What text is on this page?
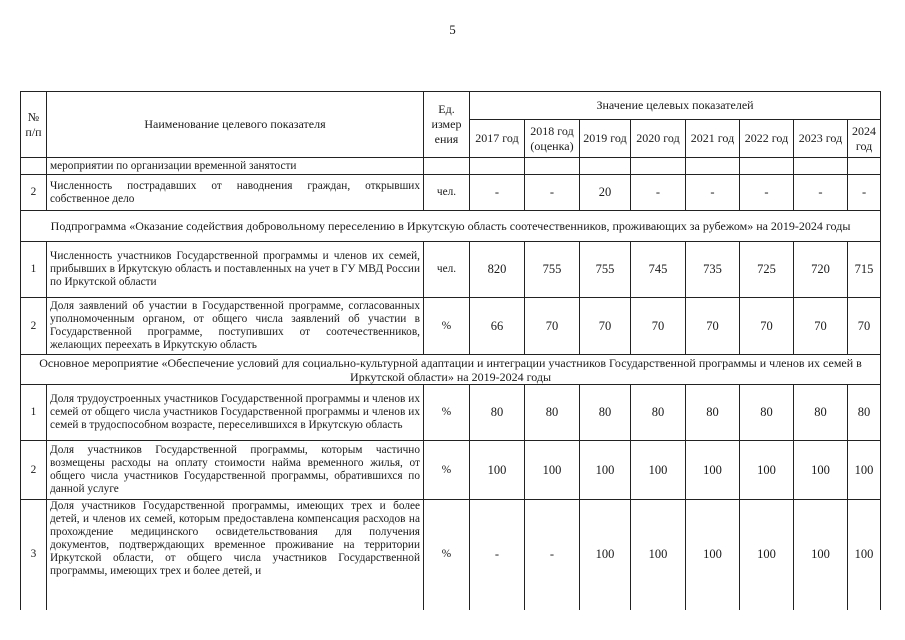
5
№ п/п	Наименование целевого показателя	Ед. измер ения	Значение целевых показателей							
			2017 год	2018 год (оценка)	2019 год	2020 год	2021 год	2022 год	2023 год	2024 год
	мероприятии по организации временной занятости									
2	Численность пострадавших от наводнения граждан, открывших собственное дело	чел.	-	-	20	-	-	-	-	-
Подпрограмма «Оказание содействия добровольному переселению в Иркутскую область соотечественников, проживающих за рубежом» на 2019-2024 годы										
1	Численность участников Государственной программы и членов их семей, прибывших в Иркутскую область и поставленных на учет в ГУ МВД России по Иркутской области	чел.	820	755	755	745	735	725	720	715
2	Доля заявлений об участии в Государственной программе, согласованных уполномоченным органом, от общего числа заявлений об участии в Государственной программе, поступивших от соотечественников, желающих переехать в Иркутскую область	%	66	70	70	70	70	70	70	70
Основное мероприятие «Обеспечение условий для социально-культурной адаптации и интеграции участников Государственной программы и членов их семей в Иркутской области» на 2019-2024 годы										
1	Доля трудоустроенных участников Государственной программы и членов их семей от общего числа участников Государственной программы и членов их семей в трудоспособном возрасте, переселившихся в Иркутскую область	%	80	80	80	80	80	80	80	80
2	Доля участников Государственной программы, которым частично возмещены расходы на оплату стоимости найма временного жилья, от общего числа участников Государственной программы, обратившихся по данной услуге	%	100	100	100	100	100	100	100	100
3	Доля участников Государственной программы, имеющих трех и более детей, и членов их семей, которым предоставлена компенсация расходов на прохождение медицинского освидетельствования для получения документов, подтверждающих временное проживание на территории Иркутской области, от общего числа участников Государственной программы, имеющих трех и более детей, и	%	-	-	100	100	100	100	100	100
